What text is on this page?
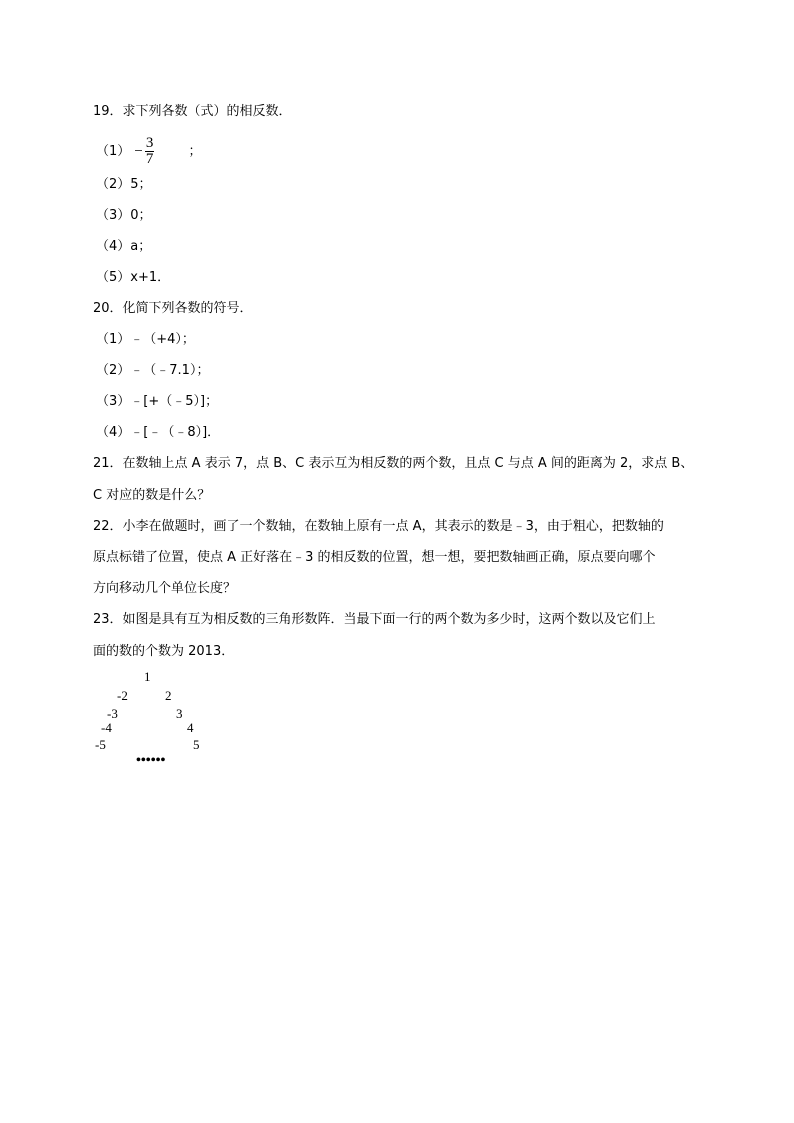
19．求下列各数（式）的相反数．
$(1) - \frac{3}{7}$	；
（2）5；
（3）0；
（4）a；
（5）x+1．
20．化简下列各数的符号．
（1）﹣（+4）；
（2）﹣（﹣7.1）；
（3）﹣[+（﹣5）]；
（4）﹣[﹣（﹣8）]．
21．在数轴上点 A 表示 7，点 B、C 表示互为相反数的两个数，且点 C 与点 A 间的距离为 2，求点 B、
C 对应的数是什么？
22．小李在做题时，画了一个数轴，在数轴上原有一点 A，其表示的数是﹣3，由于粗心，把数轴的
原点标错了位置，使点 A 正好落在﹣3 的相反数的位置，想一想，要把数轴画正确，原点要向哪个
方向移动几个单位长度？
23．如图是具有互为相反数的三角形数阵．当最下面一行的两个数为多少时，这两个数以及它们上
面的数的个数为 2013．
1
-2	2
-3	3
-4	4
-5	5
••••••
